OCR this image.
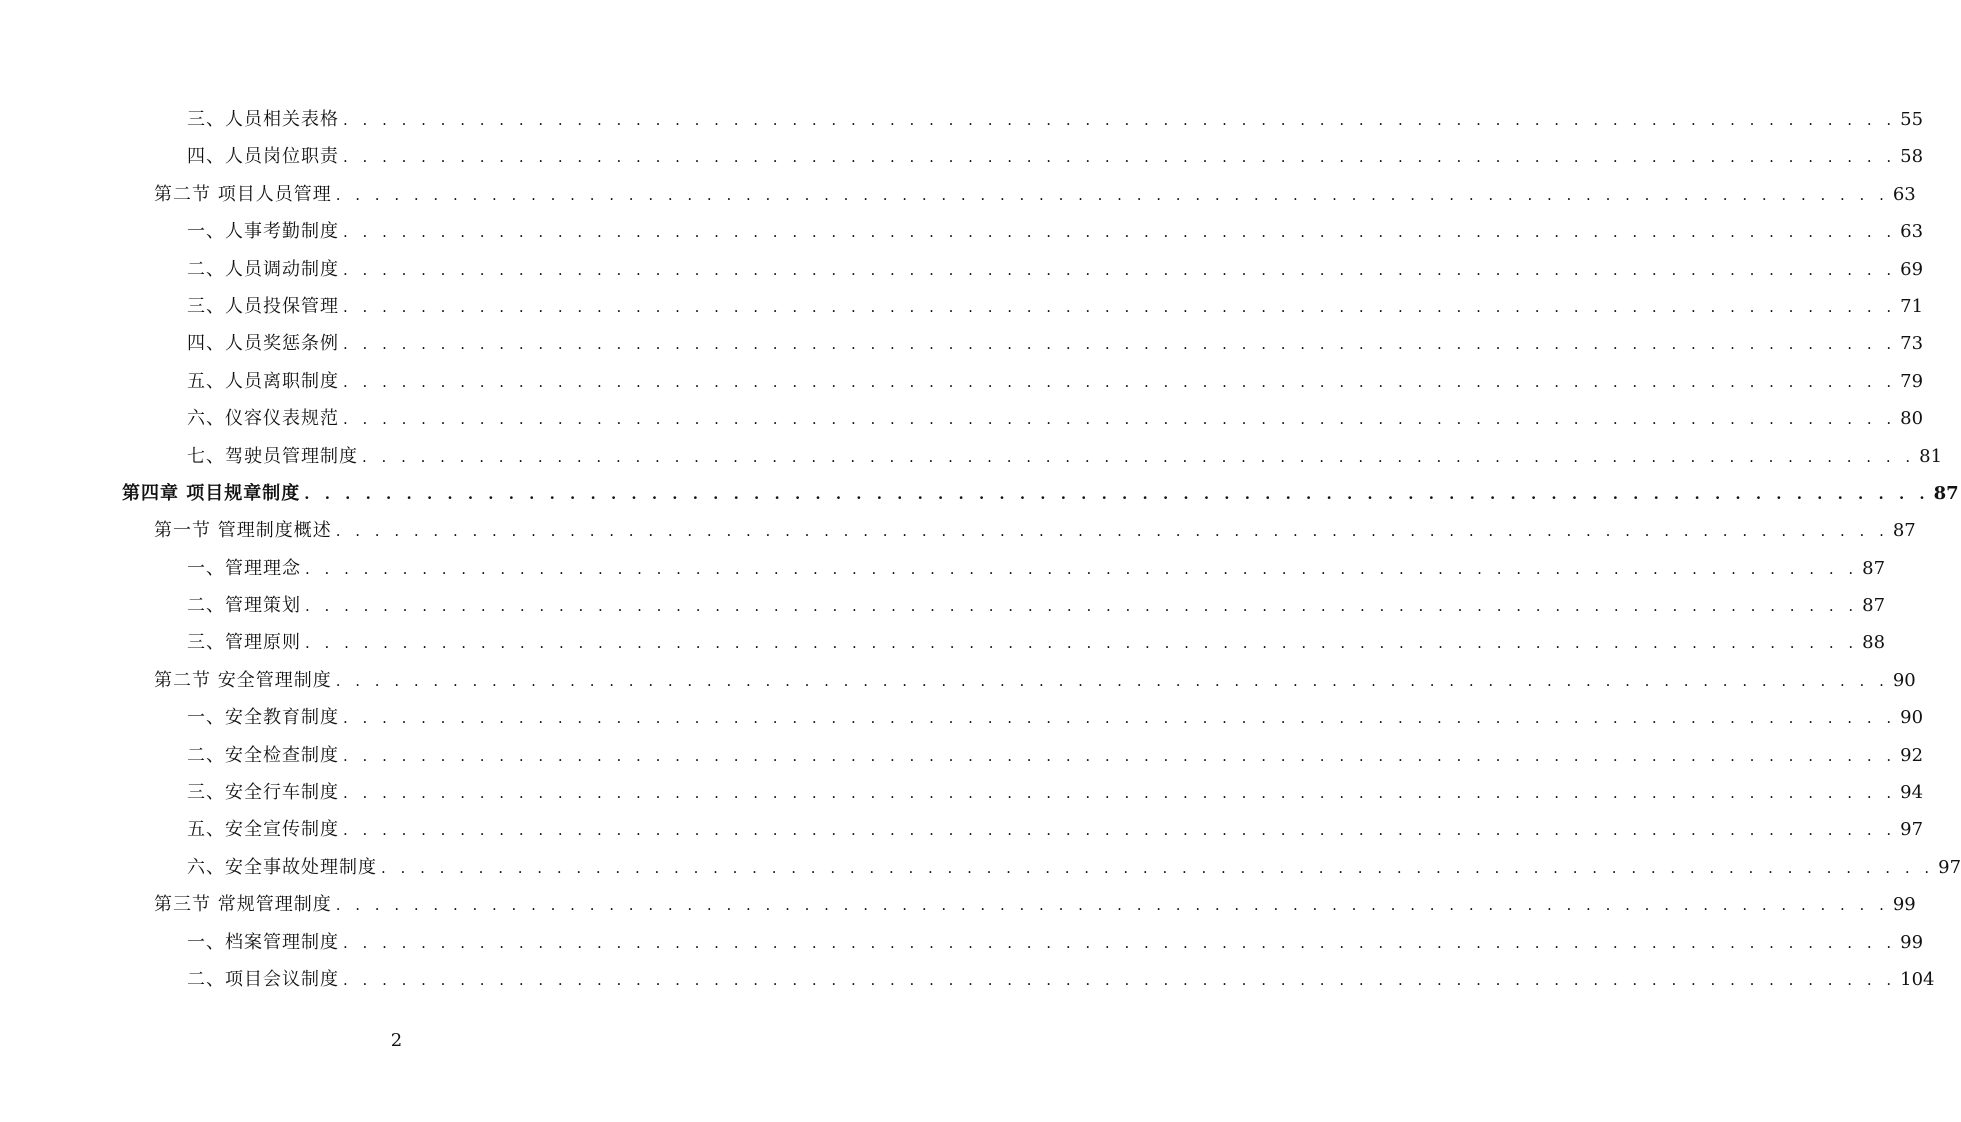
三、人员相关表格 . . . . . . . . . . . . . . . . . . . . . . . . . . . . . . . . . . . . . . . . . . . . . . . . . . . . . . . . . . . . . . . . . . . . . . . . . . . . . . . . 55
四、人员岗位职责 . . . . . . . . . . . . . . . . . . . . . . . . . . . . . . . . . . . . . . . . . . . . . . . . . . . . . . . . . . . . . . . . . . . . . . . . . . . . . . . . 58
第二节 项目人员管理 . . . . . . . . . . . . . . . . . . . . . . . . . . . . . . . . . . . . . . . . . . . . . . . . . . . . . . . . . . . . . . . . . . . . . . . . . . . . . . . . 63
一、人事考勤制度 . . . . . . . . . . . . . . . . . . . . . . . . . . . . . . . . . . . . . . . . . . . . . . . . . . . . . . . . . . . . . . . . . . . . . . . . . . . . . . . . 63
二、人员调动制度 . . . . . . . . . . . . . . . . . . . . . . . . . . . . . . . . . . . . . . . . . . . . . . . . . . . . . . . . . . . . . . . . . . . . . . . . . . . . . . . . 69
三、人员投保管理 . . . . . . . . . . . . . . . . . . . . . . . . . . . . . . . . . . . . . . . . . . . . . . . . . . . . . . . . . . . . . . . . . . . . . . . . . . . . . . . . 71
四、人员奖惩条例 . . . . . . . . . . . . . . . . . . . . . . . . . . . . . . . . . . . . . . . . . . . . . . . . . . . . . . . . . . . . . . . . . . . . . . . . . . . . . . . . 73
五、人员离职制度 . . . . . . . . . . . . . . . . . . . . . . . . . . . . . . . . . . . . . . . . . . . . . . . . . . . . . . . . . . . . . . . . . . . . . . . . . . . . . . . . 79
六、仪容仪表规范 . . . . . . . . . . . . . . . . . . . . . . . . . . . . . . . . . . . . . . . . . . . . . . . . . . . . . . . . . . . . . . . . . . . . . . . . . . . . . . . . 80
七、驾驶员管理制度 . . . . . . . . . . . . . . . . . . . . . . . . . . . . . . . . . . . . . . . . . . . . . . . . . . . . . . . . . . . . . . . . . . . . . . . . . . . . . . . . 81
第四章 项目规章制度 . . . . . . . . . . . . . . . . . . . . . . . . . . . . . . . . . . . . . . . . . . . . . . . . . . . . . . . . . . . . . . . . . . . . . . . . . . . . . . . . 87
第一节 管理制度概述 . . . . . . . . . . . . . . . . . . . . . . . . . . . . . . . . . . . . . . . . . . . . . . . . . . . . . . . . . . . . . . . . . . . . . . . . . . . . . . . . 87
一、管理理念 . . . . . . . . . . . . . . . . . . . . . . . . . . . . . . . . . . . . . . . . . . . . . . . . . . . . . . . . . . . . . . . . . . . . . . . . . . . . . . . . 87
二、管理策划 . . . . . . . . . . . . . . . . . . . . . . . . . . . . . . . . . . . . . . . . . . . . . . . . . . . . . . . . . . . . . . . . . . . . . . . . . . . . . . . . 87
三、管理原则 . . . . . . . . . . . . . . . . . . . . . . . . . . . . . . . . . . . . . . . . . . . . . . . . . . . . . . . . . . . . . . . . . . . . . . . . . . . . . . . . 88
第二节 安全管理制度 . . . . . . . . . . . . . . . . . . . . . . . . . . . . . . . . . . . . . . . . . . . . . . . . . . . . . . . . . . . . . . . . . . . . . . . . . . . . . . . . 90
一、安全教育制度 . . . . . . . . . . . . . . . . . . . . . . . . . . . . . . . . . . . . . . . . . . . . . . . . . . . . . . . . . . . . . . . . . . . . . . . . . . . . . . . . 90
二、安全检查制度 . . . . . . . . . . . . . . . . . . . . . . . . . . . . . . . . . . . . . . . . . . . . . . . . . . . . . . . . . . . . . . . . . . . . . . . . . . . . . . . . 92
三、安全行车制度 . . . . . . . . . . . . . . . . . . . . . . . . . . . . . . . . . . . . . . . . . . . . . . . . . . . . . . . . . . . . . . . . . . . . . . . . . . . . . . . . 94
五、安全宣传制度 . . . . . . . . . . . . . . . . . . . . . . . . . . . . . . . . . . . . . . . . . . . . . . . . . . . . . . . . . . . . . . . . . . . . . . . . . . . . . . . . 97
六、安全事故处理制度 . . . . . . . . . . . . . . . . . . . . . . . . . . . . . . . . . . . . . . . . . . . . . . . . . . . . . . . . . . . . . . . . . . . . . . . . . . . . . . . . 97
第三节 常规管理制度 . . . . . . . . . . . . . . . . . . . . . . . . . . . . . . . . . . . . . . . . . . . . . . . . . . . . . . . . . . . . . . . . . . . . . . . . . . . . . . . . 99
一、档案管理制度 . . . . . . . . . . . . . . . . . . . . . . . . . . . . . . . . . . . . . . . . . . . . . . . . . . . . . . . . . . . . . . . . . . . . . . . . . . . . . . . . 99
二、项目会议制度 . . . . . . . . . . . . . . . . . . . . . . . . . . . . . . . . . . . . . . . . . . . . . . . . . . . . . . . . . . . . . . . . . . . . . . . . . . . . . . . . 104
2
